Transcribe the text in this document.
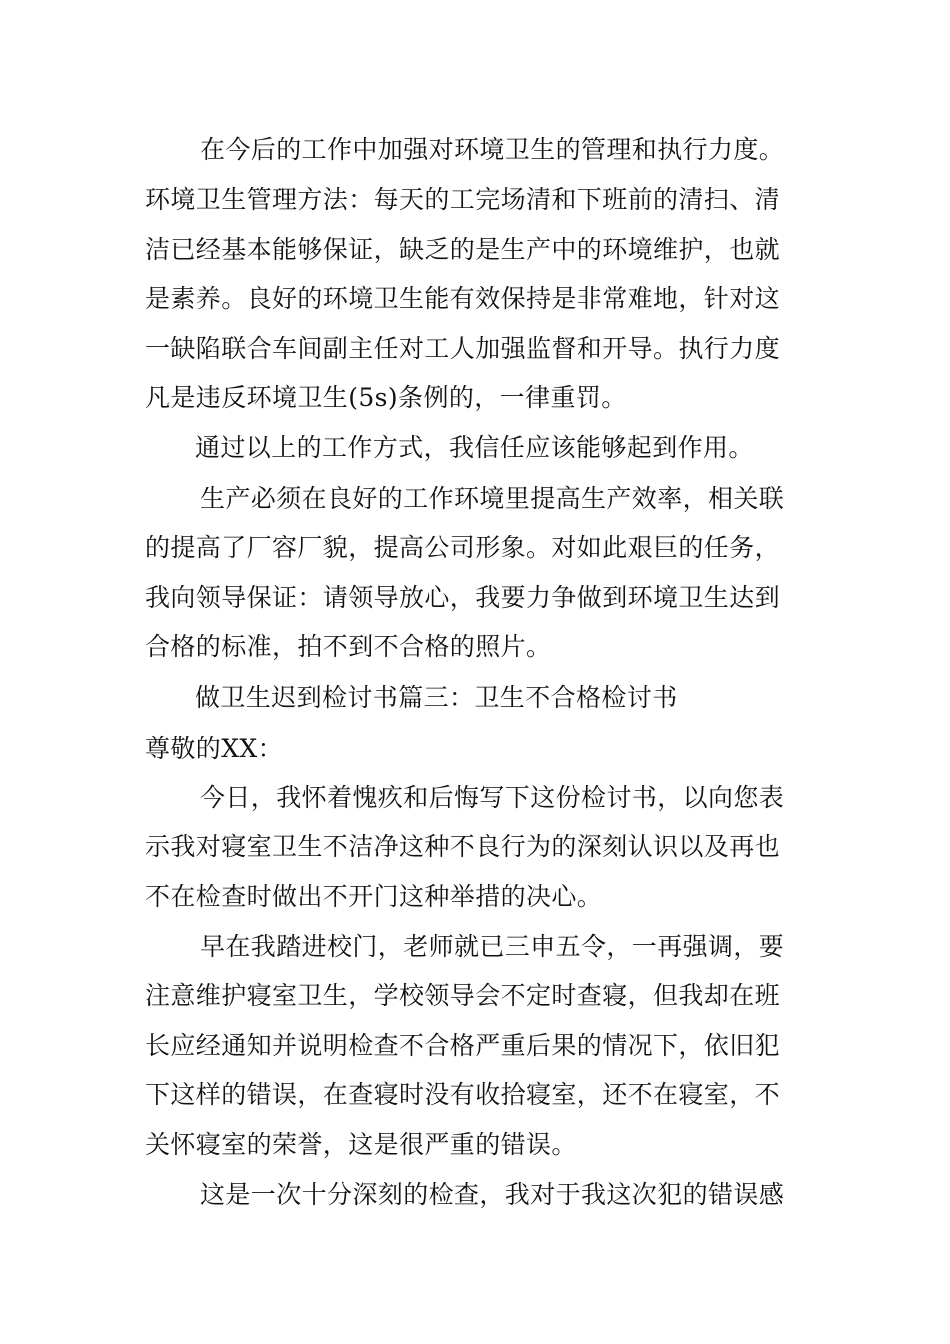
在今后的工作中加强对环境卫生的管理和执行力度。

环境卫生管理方法：每天的工完场清和下班前的清扫、清

洁已经基本能够保证，缺乏的是生产中的环境维护，也就

是素养。良好的环境卫生能有效保持是非常难地，针对这

一缺陷联合车间副主任对工人加强监督和开导。执行力度

凡是违反环境卫生(5s)条例的，一律重罚。

通过以上的工作方式，我信任应该能够起到作用。

生产必须在良好的工作环境里提高生产效率，相关联

的提高了厂容厂貌，提高公司形象。对如此艰巨的任务，

我向领导保证：请领导放心，我要力争做到环境卫生达到

合格的标准，拍不到不合格的照片。

做卫生迟到检讨书篇三：卫生不合格检讨书

尊敬的XX：

今日，我怀着愧疚和后悔写下这份检讨书，以向您表

示我对寝室卫生不洁净这种不良行为的深刻认识以及再也

不在检查时做出不开门这种举措的决心。

早在我踏进校门，老师就已三申五令，一再强调，要

注意维护寝室卫生，学校领导会不定时查寝，但我却在班

长应经通知并说明检查不合格严重后果的情况下，依旧犯

下这样的错误，在查寝时没有收拾寝室，还不在寝室，不

关怀寝室的荣誉，这是很严重的错误。

这是一次十分深刻的检查，我对于我这次犯的错误感
